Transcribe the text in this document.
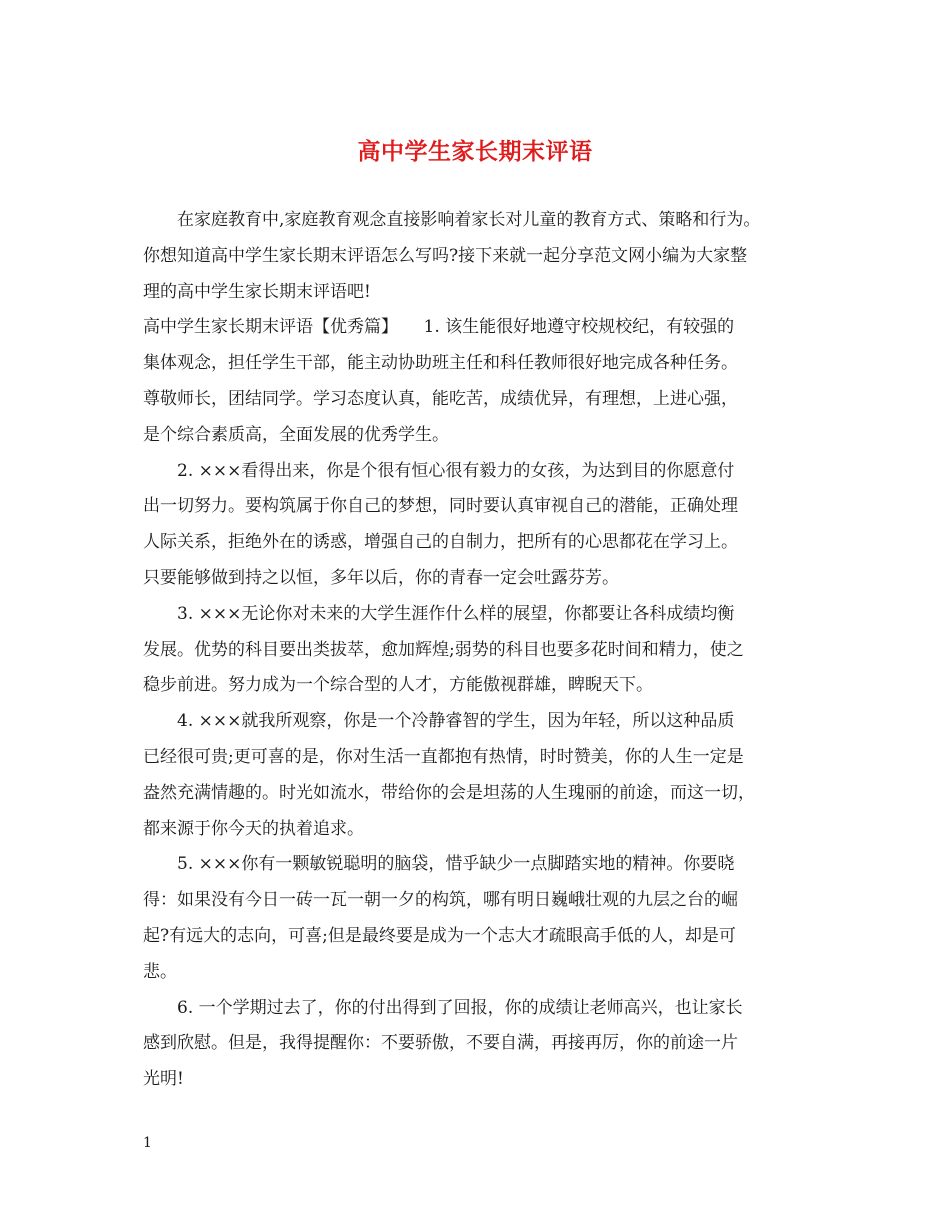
高中学生家长期末评语
在家庭教育中,家庭教育观念直接影响着家长对儿童的教育方式、策略和行为。
你想知道高中学生家长期末评语怎么写吗?接下来就一起分享范文网小编为大家整
理的高中学生家长期末评语吧!
高中学生家长期末评语【优秀篇】　　1. 该生能很好地遵守校规校纪，有较强的
集体观念，担任学生干部，能主动协助班主任和科任教师很好地完成各种任务。
尊敬师长，团结同学。学习态度认真，能吃苦，成绩优异，有理想，上进心强，
是个综合素质高，全面发展的优秀学生。
2. ×××看得出来，你是个很有恒心很有毅力的女孩，为达到目的你愿意付
出一切努力。要构筑属于你自己的梦想，同时要认真审视自己的潜能，正确处理
人际关系，拒绝外在的诱惑，增强自己的自制力，把所有的心思都花在学习上。
只要能够做到持之以恒，多年以后，你的青春一定会吐露芬芳。
3. ×××无论你对未来的大学生涯作什么样的展望，你都要让各科成绩均衡
发展。优势的科目要出类拔萃，愈加辉煌;弱势的科目也要多花时间和精力，使之
稳步前进。努力成为一个综合型的人才，方能傲视群雄，睥睨天下。
4. ×××就我所观察，你是一个冷静睿智的学生，因为年轻，所以这种品质
已经很可贵;更可喜的是，你对生活一直都抱有热情，时时赞美，你的人生一定是
盎然充满情趣的。时光如流水，带给你的会是坦荡的人生瑰丽的前途，而这一切，
都来源于你今天的执着追求。
5. ×××你有一颗敏锐聪明的脑袋，惜乎缺少一点脚踏实地的精神。你要晓
得：如果没有今日一砖一瓦一朝一夕的构筑，哪有明日巍峨壮观的九层之台的崛
起?有远大的志向，可喜;但是最终要是成为一个志大才疏眼高手低的人，却是可
悲。
6. 一个学期过去了，你的付出得到了回报，你的成绩让老师高兴，也让家长
感到欣慰。但是，我得提醒你：不要骄傲，不要自满，再接再厉，你的前途一片
光明!
1
